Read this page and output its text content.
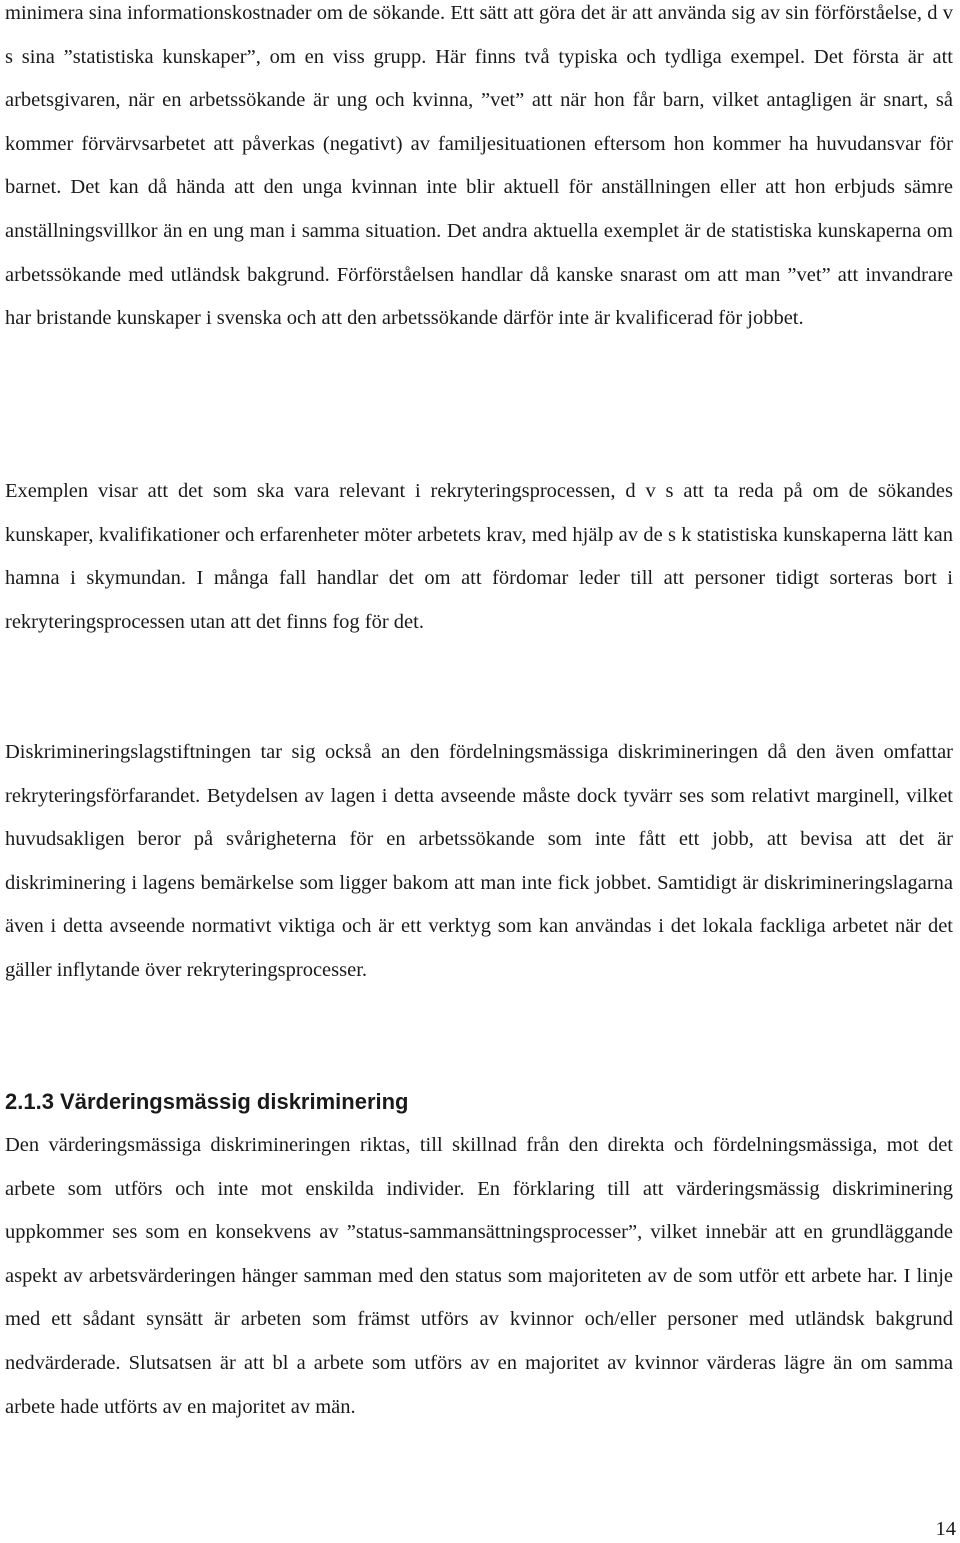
minimera sina informationskostnader om de sökande. Ett sätt att göra det är att använda sig av sin förförståelse, d v s sina ”statistiska kunskaper”, om en viss grupp. Här finns två typiska och tydliga exempel. Det första är att arbetsgivaren, när en arbetssökande är ung och kvinna, ”vet” att när hon får barn, vilket antagligen är snart, så kommer förvärvsarbetet att påverkas (negativt) av familjesituationen eftersom hon kommer ha huvudansvar för barnet. Det kan då hända att den unga kvinnan inte blir aktuell för anställningen eller att hon erbjuds sämre anställningsvillkor än en ung man i samma situation. Det andra aktuella exemplet är de statistiska kunskaperna om arbetssökande med utländsk bakgrund. Förförståelsen handlar då kanske snarast om att man ”vet” att invandrare har bristande kunskaper i svenska och att den arbetssökande därför inte är kvalificerad för jobbet.

Exemplen visar att det som ska vara relevant i rekryteringsprocessen, d v s att ta reda på om de sökandes kunskaper, kvalifikationer och erfarenheter möter arbetets krav, med hjälp av de s k statistiska kunskaperna lätt kan hamna i skymundan. I många fall handlar det om att fördomar leder till att personer tidigt sorteras bort i rekryteringsprocessen utan att det finns fog för det.

Diskrimineringslagstiftningen tar sig också an den fördelningsmässiga diskrimineringen då den även omfattar rekryteringsförfarandet. Betydelsen av lagen i detta avseende måste dock tyvärr ses som relativt marginell, vilket huvudsakligen beror på svårigheterna för en arbetssökande som inte fått ett jobb, att bevisa att det är diskriminering i lagens bemärkelse som ligger bakom att man inte fick jobbet. Samtidigt är diskrimineringslagarna även i detta avseende normativt viktiga och är ett verktyg som kan användas i det lokala fackliga arbetet när det gäller inflytande över rekryteringsprocesser.

2.1.3 Värderingsmässig diskriminering

Den värderingsmässiga diskrimineringen riktas, till skillnad från den direkta och fördelningsmässiga, mot det arbete som utförs och inte mot enskilda individer. En förklaring till att värderingsmässig diskriminering uppkommer ses som en konsekvens av ”status-sammansättningsprocesser”, vilket innebär att en grundläggande aspekt av arbetsvärderingen hänger samman med den status som majoriteten av de som utför ett arbete har. I linje med ett sådant synsätt är arbeten som främst utförs av kvinnor och/eller personer med utländsk bakgrund nedvärderade. Slutsatsen är att bl a arbete som utförs av en majoritet av kvinnor värderas lägre än om samma arbete hade utförts av en majoritet av män.

14
